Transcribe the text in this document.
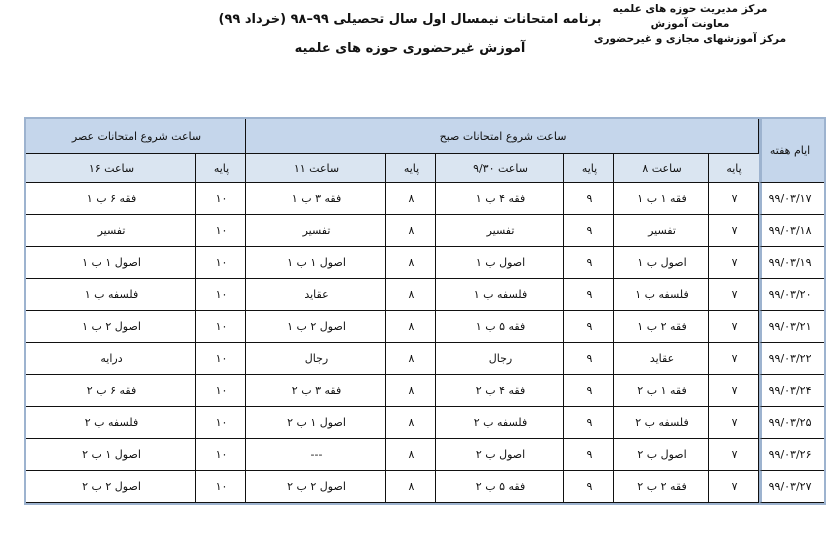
مرکز مدیریت حوزه های علمیه
معاونت آموزش
مرکز آموزشهای مجازی و غیرحضوری
برنامه امتحانات نیمسال اول سال تحصیلی ۹۹–۹۸ (خرداد ۹۹)
آموزش غیرحضوری حوزه های علمیه
ساعت شروع امتحانات عصر		ساعت شروع امتحانات صبح						ایام هفته
ساعت ۱۶	پایه	ساعت ۱۱	پایه	ساعت ۹/۳۰	پایه	ساعت ۸	پایه	
فقه ۶ ب ۱	۱۰	فقه ۳ ب ۱	۸	فقه ۴ ب ۱	۹	فقه ۱ ب ۱	۷	۹۹/۰۳/۱۷
تفسیر	۱۰	تفسیر	۸	تفسیر	۹	تفسیر	۷	۹۹/۰۳/۱۸
اصول ۱ ب ۱	۱۰	اصول ۱ ب ۱	۸	اصول ب ۱	۹	اصول ب ۱	۷	۹۹/۰۳/۱۹
فلسفه ب ۱	۱۰	عقاید	۸	فلسفه ب ۱	۹	فلسفه ب ۱	۷	۹۹/۰۳/۲۰
اصول ۲ ب ۱	۱۰	اصول ۲ ب ۱	۸	فقه ۵ ب ۱	۹	فقه ۲ ب ۱	۷	۹۹/۰۳/۲۱
درایه	۱۰	رجال	۸	رجال	۹	عقاید	۷	۹۹/۰۳/۲۲
فقه ۶ ب ۲	۱۰	فقه ۳ ب ۲	۸	فقه ۴ ب ۲	۹	فقه ۱ ب ۲	۷	۹۹/۰۳/۲۴
فلسفه ب ۲	۱۰	اصول ۱ ب ۲	۸	فلسفه ب ۲	۹	فلسفه ب ۲	۷	۹۹/۰۳/۲۵
اصول ۱ ب ۲	۱۰	---	۸	اصول ب ۲	۹	اصول ب ۲	۷	۹۹/۰۳/۲۶
اصول ۲ ب ۲	۱۰	اصول ۲ ب ۲	۸	فقه ۵ ب ۲	۹	فقه ۲ ب ۲	۷	۹۹/۰۳/۲۷
